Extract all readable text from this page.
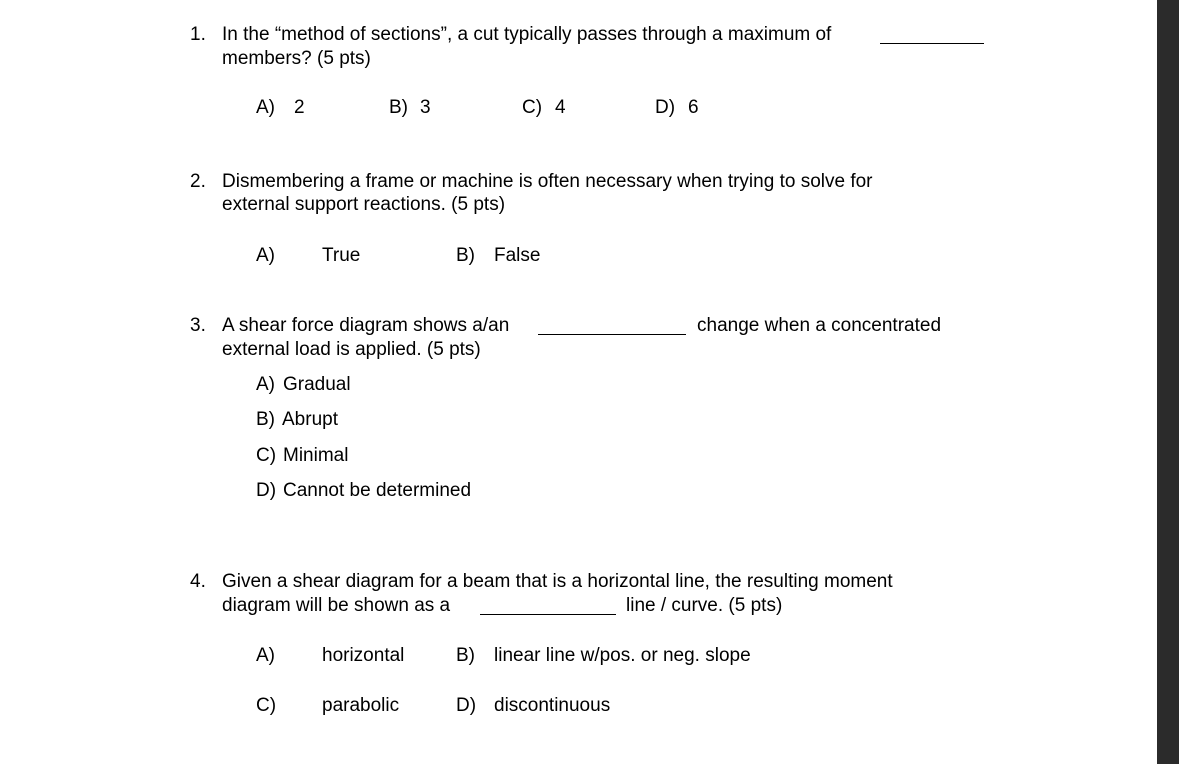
1. In the “method of sections”, a cut typically passes through a maximum of
members? (5 pts)
A) 2	B) 3	C) 4	D) 6
2. Dismembering a frame or machine is often necessary when trying to solve for
external support reactions. (5 pts)
A) True	B) False
3. A shear force diagram shows a/an	change when a concentrated
external load is applied. (5 pts)
A) Gradual
B) Abrupt
C) Minimal
D) Cannot be determined
4. Given a shear diagram for a beam that is a horizontal line, the resulting moment
diagram will be shown as a	line / curve. (5 pts)
A) horizontal	B) linear line w/pos. or neg. slope
C) parabolic	D) discontinuous
